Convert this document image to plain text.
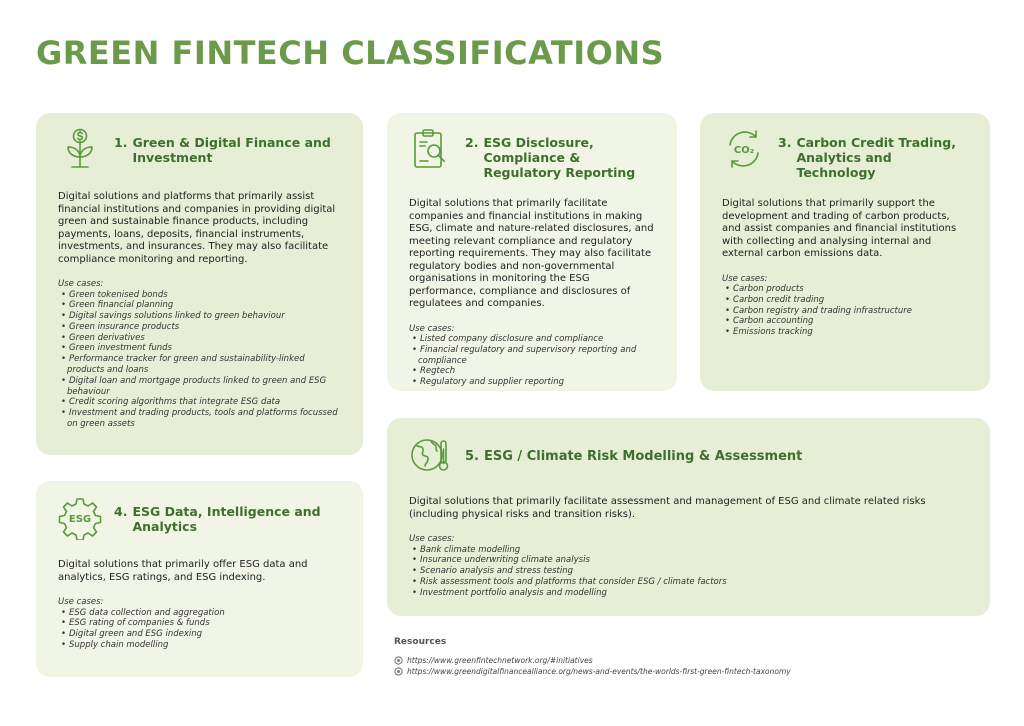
GREEN FINTECH CLASSIFICATIONS
1. Green & Digital Finance and Investment
Digital solutions and platforms that primarily assist financial institutions and companies in providing digital green and sustainable finance products, including payments, loans, deposits, financial instruments, investments, and insurances. They may also facilitate compliance monitoring and reporting.
Use cases:
• Green tokenised bonds
• Green financial planning
• Digital savings solutions linked to green behaviour
• Green insurance products
• Green derivatives
• Green investment funds
• Performance tracker for green and sustainability-linked products and loans
• Digital loan and mortgage products linked to green and ESG behaviour
• Credit scoring algorithms that integrate ESG data
• Investment and trading products, tools and platforms focussed on green assets
2. ESG Disclosure, Compliance & Regulatory Reporting
Digital solutions that primarily facilitate companies and financial institutions in making ESG, climate and nature-related disclosures, and meeting relevant compliance and regulatory reporting requirements. They may also facilitate regulatory bodies and non-governmental organisations in monitoring the ESG performance, compliance and disclosures of regulatees and companies.
Use cases:
• Listed company disclosure and compliance
• Financial regulatory and supervisory reporting and compliance
• Regtech
• Regulatory and supplier reporting
CO₂
3. Carbon Credit Trading, Analytics and Technology
Digital solutions that primarily support the development and trading of carbon products, and assist companies and financial institutions with collecting and analysing internal and external carbon emissions data.
Use cases:
• Carbon products
• Carbon credit trading
• Carbon registry and trading infrastructure
• Carbon accounting
• Emissions tracking
ESG
4. ESG Data, Intelligence and Analytics
Digital solutions that primarily offer ESG data and analytics, ESG ratings, and ESG indexing.
Use cases:
• ESG data collection and aggregation
• ESG rating of companies & funds
• Digital green and ESG indexing
• Supply chain modelling
5. ESG / Climate Risk Modelling & Assessment
Digital solutions that primarily facilitate assessment and management of ESG and climate related risks (including physical risks and transition risks).
Use cases:
• Bank climate modelling
• Insurance underwriting climate analysis
• Scenario analysis and stress testing
• Risk assessment tools and platforms that consider ESG / climate factors
• Investment portfolio analysis and modelling
Resources
https://www.greenfintechnetwork.org/#initiatives
https://www.greendigitalfinancealliance.org/news-and-events/the-worlds-first-green-fintech-taxonomy
